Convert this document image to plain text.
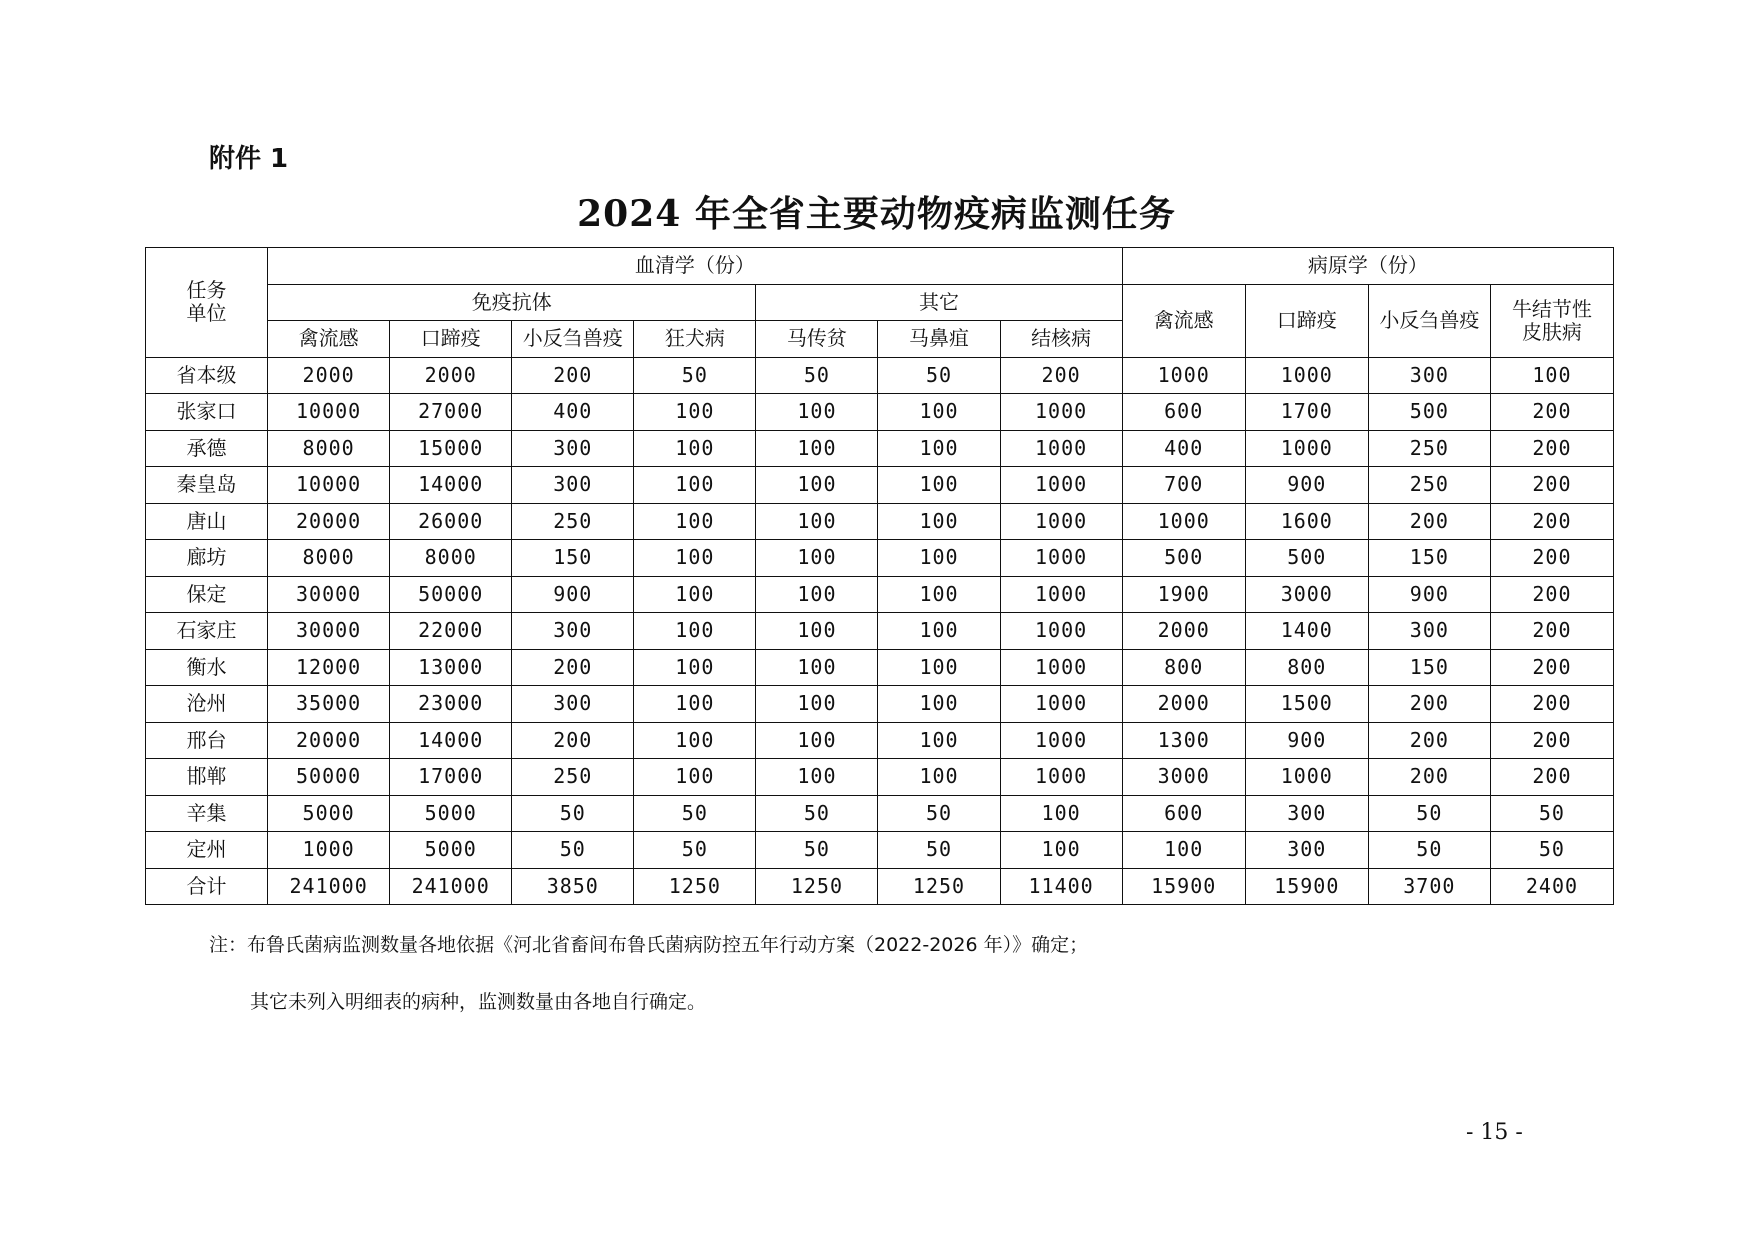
附件 1
2024 年全省主要动物疫病监测任务
任务
单位	血清学（份）							病原学（份）			
	免疫抗体				其它			禽流感	口蹄疫	小反刍兽疫	牛结节性
皮肤病
	禽流感	口蹄疫	小反刍兽疫	狂犬病	马传贫	马鼻疽	结核病				
省本级	2000	2000	200	50	50	50	200	1000	1000	300	100
张家口	10000	27000	400	100	100	100	1000	600	1700	500	200
承德	8000	15000	300	100	100	100	1000	400	1000	250	200
秦皇岛	10000	14000	300	100	100	100	1000	700	900	250	200
唐山	20000	26000	250	100	100	100	1000	1000	1600	200	200
廊坊	8000	8000	150	100	100	100	1000	500	500	150	200
保定	30000	50000	900	100	100	100	1000	1900	3000	900	200
石家庄	30000	22000	300	100	100	100	1000	2000	1400	300	200
衡水	12000	13000	200	100	100	100	1000	800	800	150	200
沧州	35000	23000	300	100	100	100	1000	2000	1500	200	200
邢台	20000	14000	200	100	100	100	1000	1300	900	200	200
邯郸	50000	17000	250	100	100	100	1000	3000	1000	200	200
辛集	5000	5000	50	50	50	50	100	600	300	50	50
定州	1000	5000	50	50	50	50	100	100	300	50	50
合计	241000	241000	3850	1250	1250	1250	11400	15900	15900	3700	2400
注：布鲁氏菌病监测数量各地依据《河北省畜间布鲁氏菌病防控五年行动方案（2022-2026 年）》确定；
其它未列入明细表的病种，监测数量由各地自行确定。
- 15 -
